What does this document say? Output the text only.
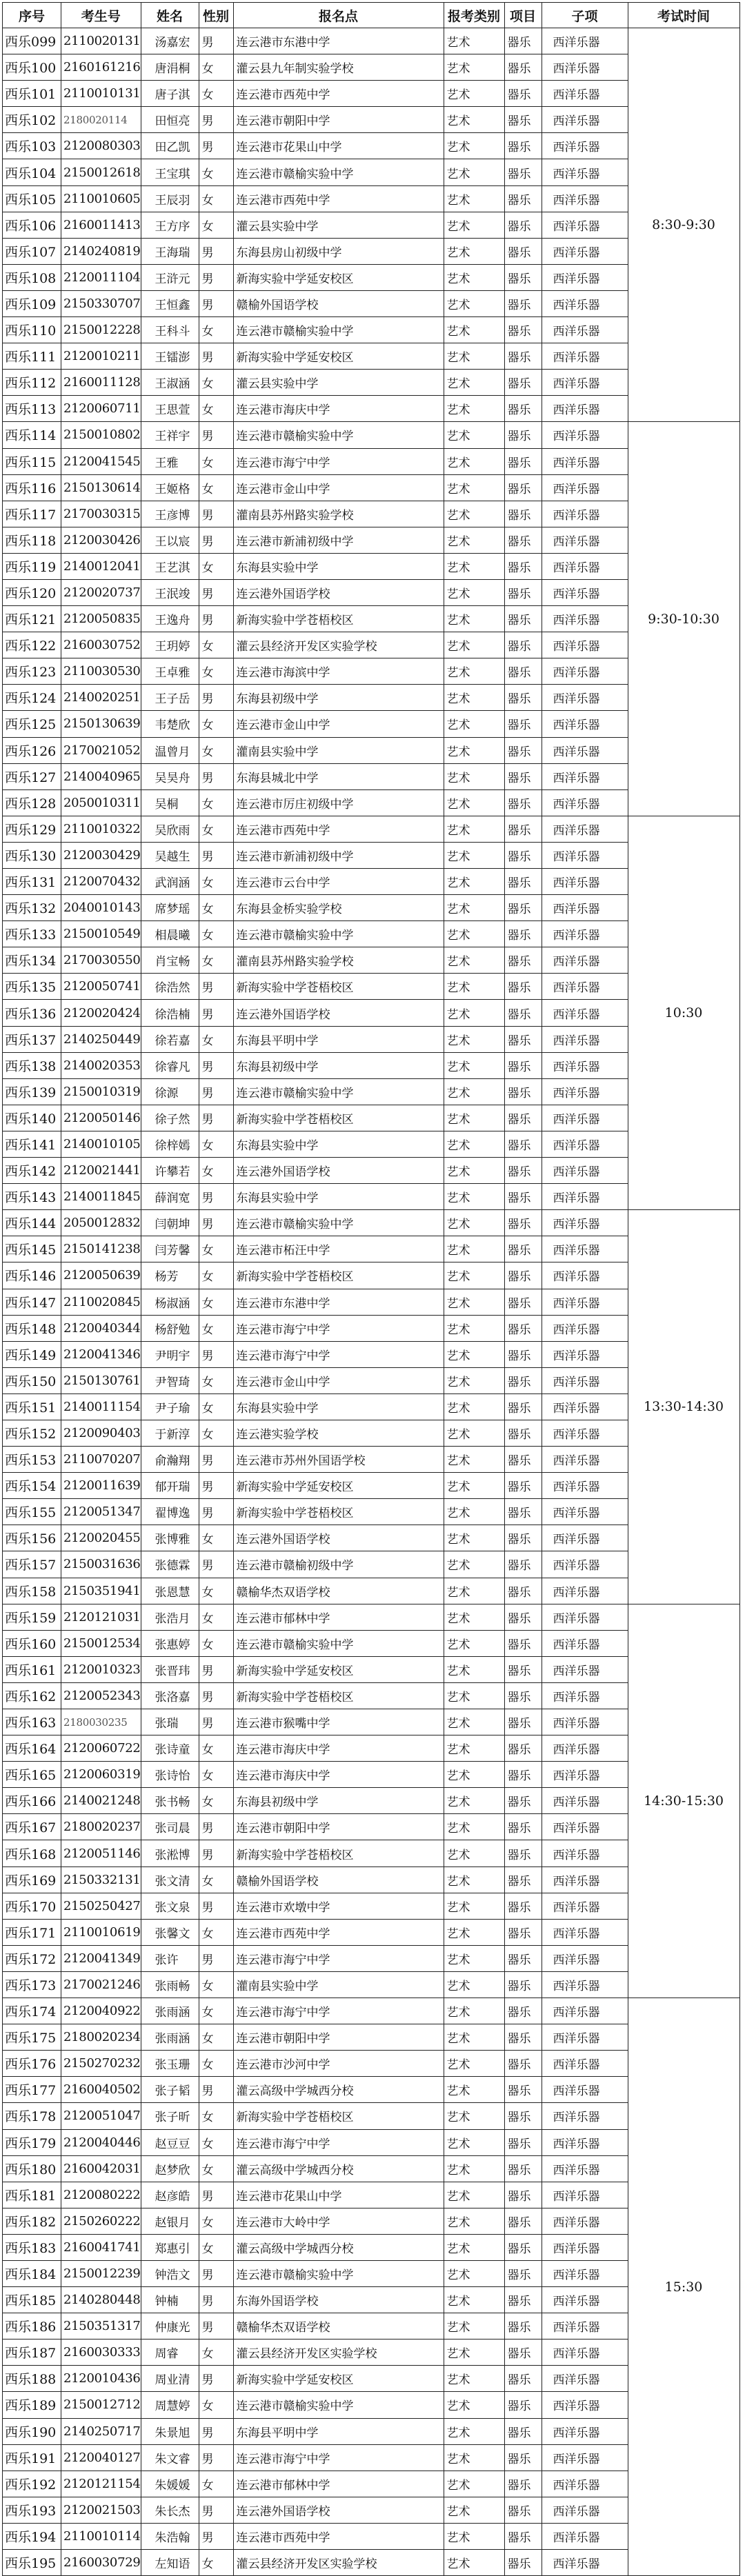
序号	考生号	姓名	性别	报名点	报考类别	项目	子项	考试时间
西乐099	2110020131	汤嘉宏	男	连云港市东港中学	艺术	器乐	西洋乐器	8:30-9:30
西乐100	2160161216	唐涓桐	女	灌云县九年制实验学校	艺术	器乐	西洋乐器	
西乐101	2110010131	唐子淇	女	连云港市西苑中学	艺术	器乐	西洋乐器	
西乐102	2180020114	田恒亮	男	连云港市朝阳中学	艺术	器乐	西洋乐器	
西乐103	2120080303	田乙凯	男	连云港市花果山中学	艺术	器乐	西洋乐器	
西乐104	2150012618	王宝琪	女	连云港市赣榆实验中学	艺术	器乐	西洋乐器	
西乐105	2110010605	王辰羽	女	连云港市西苑中学	艺术	器乐	西洋乐器	
西乐106	2160011413	王方序	女	灌云县实验中学	艺术	器乐	西洋乐器	
西乐107	2140240819	王海瑞	男	东海县房山初级中学	艺术	器乐	西洋乐器	
西乐108	2120011104	王浒元	男	新海实验中学延安校区	艺术	器乐	西洋乐器	
西乐109	2150330707	王恒鑫	男	赣榆外国语学校	艺术	器乐	西洋乐器	
西乐110	2150012228	王科斗	女	连云港市赣榆实验中学	艺术	器乐	西洋乐器	
西乐111	2120010211	王镭澎	男	新海实验中学延安校区	艺术	器乐	西洋乐器	
西乐112	2160011128	王淑涵	女	灌云县实验中学	艺术	器乐	西洋乐器	
西乐113	2120060711	王思萱	女	连云港市海庆中学	艺术	器乐	西洋乐器	
西乐114	2150010802	王祥宇	男	连云港市赣榆实验中学	艺术	器乐	西洋乐器	9:30-10:30
西乐115	2120041545	王雅	女	连云港市海宁中学	艺术	器乐	西洋乐器	
西乐116	2150130614	王姬格	女	连云港市金山中学	艺术	器乐	西洋乐器	
西乐117	2170030315	王彦博	男	灌南县苏州路实验学校	艺术	器乐	西洋乐器	
西乐118	2120030426	王以宸	男	连云港市新浦初级中学	艺术	器乐	西洋乐器	
西乐119	2140012041	王艺淇	女	东海县实验中学	艺术	器乐	西洋乐器	
西乐120	2120020737	王泯竣	男	连云港外国语学校	艺术	器乐	西洋乐器	
西乐121	2120050835	王逸舟	男	新海实验中学苍梧校区	艺术	器乐	西洋乐器	
西乐122	2160030752	王玥婷	女	灌云县经济开发区实验学校	艺术	器乐	西洋乐器	
西乐123	2110030530	王卓雅	女	连云港市海滨中学	艺术	器乐	西洋乐器	
西乐124	2140020251	王子岳	男	东海县初级中学	艺术	器乐	西洋乐器	
西乐125	2150130639	韦楚欣	女	连云港市金山中学	艺术	器乐	西洋乐器	
西乐126	2170021052	温曾月	女	灌南县实验中学	艺术	器乐	西洋乐器	
西乐127	2140040965	吴昊舟	男	东海县城北中学	艺术	器乐	西洋乐器	
西乐128	2050010311	吴桐	女	连云港市厉庄初级中学	艺术	器乐	西洋乐器	
西乐129	2110010322	吴欣雨	女	连云港市西苑中学	艺术	器乐	西洋乐器	10:30
西乐130	2120030429	吴越生	男	连云港市新浦初级中学	艺术	器乐	西洋乐器	
西乐131	2120070432	武润涵	女	连云港市云台中学	艺术	器乐	西洋乐器	
西乐132	2040010143	席梦瑶	女	东海县金桥实验学校	艺术	器乐	西洋乐器	
西乐133	2150010549	相晨曦	女	连云港市赣榆实验中学	艺术	器乐	西洋乐器	
西乐134	2170030550	肖宝畅	女	灌南县苏州路实验学校	艺术	器乐	西洋乐器	
西乐135	2120050741	徐浩然	男	新海实验中学苍梧校区	艺术	器乐	西洋乐器	
西乐136	2120020424	徐浩楠	男	连云港外国语学校	艺术	器乐	西洋乐器	
西乐137	2140250449	徐若嘉	女	东海县平明中学	艺术	器乐	西洋乐器	
西乐138	2140020353	徐睿凡	男	东海县初级中学	艺术	器乐	西洋乐器	
西乐139	2150010319	徐源	男	连云港市赣榆实验中学	艺术	器乐	西洋乐器	
西乐140	2120050146	徐子然	男	新海实验中学苍梧校区	艺术	器乐	西洋乐器	
西乐141	2140010105	徐梓嫣	女	东海县实验中学	艺术	器乐	西洋乐器	
西乐142	2120021441	许攀若	女	连云港外国语学校	艺术	器乐	西洋乐器	
西乐143	2140011845	薛润宽	男	东海县实验中学	艺术	器乐	西洋乐器	
西乐144	2050012832	闫朝坤	男	连云港市赣榆实验中学	艺术	器乐	西洋乐器	13:30-14:30
西乐145	2150141238	闫芳馨	女	连云港市柘汪中学	艺术	器乐	西洋乐器	
西乐146	2120050639	杨芳	女	新海实验中学苍梧校区	艺术	器乐	西洋乐器	
西乐147	2110020845	杨淑涵	女	连云港市东港中学	艺术	器乐	西洋乐器	
西乐148	2120040344	杨舒勉	女	连云港市海宁中学	艺术	器乐	西洋乐器	
西乐149	2120041346	尹明宇	男	连云港市海宁中学	艺术	器乐	西洋乐器	
西乐150	2150130761	尹智琦	女	连云港市金山中学	艺术	器乐	西洋乐器	
西乐151	2140011154	尹子瑜	女	东海县实验中学	艺术	器乐	西洋乐器	
西乐152	2120090403	于新淳	女	连云港实验学校	艺术	器乐	西洋乐器	
西乐153	2110070207	俞瀚翔	男	连云港市苏州外国语学校	艺术	器乐	西洋乐器	
西乐154	2120011639	郁开瑞	男	新海实验中学延安校区	艺术	器乐	西洋乐器	
西乐155	2120051347	翟博逸	男	新海实验中学苍梧校区	艺术	器乐	西洋乐器	
西乐156	2120020455	张博雅	女	连云港外国语学校	艺术	器乐	西洋乐器	
西乐157	2150031636	张德霖	男	连云港市赣榆初级中学	艺术	器乐	西洋乐器	
西乐158	2150351941	张恩慧	女	赣榆华杰双语学校	艺术	器乐	西洋乐器	
西乐159	2120121031	张浩月	女	连云港市郁林中学	艺术	器乐	西洋乐器	14:30-15:30
西乐160	2150012534	张惠婷	女	连云港市赣榆实验中学	艺术	器乐	西洋乐器	
西乐161	2120010323	张晋玮	男	新海实验中学延安校区	艺术	器乐	西洋乐器	
西乐162	2120052343	张洛嘉	男	新海实验中学苍梧校区	艺术	器乐	西洋乐器	
西乐163	2180030235	张瑞	男	连云港市猴嘴中学	艺术	器乐	西洋乐器	
西乐164	2120060722	张诗童	女	连云港市海庆中学	艺术	器乐	西洋乐器	
西乐165	2120060319	张诗怡	女	连云港市海庆中学	艺术	器乐	西洋乐器	
西乐166	2140021248	张书畅	女	东海县初级中学	艺术	器乐	西洋乐器	
西乐167	2180020237	张司晨	男	连云港市朝阳中学	艺术	器乐	西洋乐器	
西乐168	2120051146	张淞博	男	新海实验中学苍梧校区	艺术	器乐	西洋乐器	
西乐169	2150332131	张文清	女	赣榆外国语学校	艺术	器乐	西洋乐器	
西乐170	2150250427	张文泉	男	连云港市欢墩中学	艺术	器乐	西洋乐器	
西乐171	2110010619	张馨文	女	连云港市西苑中学	艺术	器乐	西洋乐器	
西乐172	2120041349	张许	男	连云港市海宁中学	艺术	器乐	西洋乐器	
西乐173	2170021246	张雨畅	女	灌南县实验中学	艺术	器乐	西洋乐器	
西乐174	2120040922	张雨涵	女	连云港市海宁中学	艺术	器乐	西洋乐器	15:30
西乐175	2180020234	张雨涵	女	连云港市朝阳中学	艺术	器乐	西洋乐器	
西乐176	2150270232	张玉珊	女	连云港市沙河中学	艺术	器乐	西洋乐器	
西乐177	2160040502	张子韬	男	灌云高级中学城西分校	艺术	器乐	西洋乐器	
西乐178	2120051047	张子昕	女	新海实验中学苍梧校区	艺术	器乐	西洋乐器	
西乐179	2120040446	赵豆豆	女	连云港市海宁中学	艺术	器乐	西洋乐器	
西乐180	2160042031	赵梦欣	女	灌云高级中学城西分校	艺术	器乐	西洋乐器	
西乐181	2120080222	赵彦皓	男	连云港市花果山中学	艺术	器乐	西洋乐器	
西乐182	2150260222	赵银月	女	连云港市大岭中学	艺术	器乐	西洋乐器	
西乐183	2160041741	郑惠引	女	灌云高级中学城西分校	艺术	器乐	西洋乐器	
西乐184	2150012239	钟浩文	男	连云港市赣榆实验中学	艺术	器乐	西洋乐器	
西乐185	2140280448	钟楠	男	东海外国语学校	艺术	器乐	西洋乐器	
西乐186	2150351317	仲康光	男	赣榆华杰双语学校	艺术	器乐	西洋乐器	
西乐187	2160030333	周睿	女	灌云县经济开发区实验学校	艺术	器乐	西洋乐器	
西乐188	2120010436	周业清	男	新海实验中学延安校区	艺术	器乐	西洋乐器	
西乐189	2150012712	周慧婷	女	连云港市赣榆实验中学	艺术	器乐	西洋乐器	
西乐190	2140250717	朱景旭	男	东海县平明中学	艺术	器乐	西洋乐器	
西乐191	2120040127	朱文睿	男	连云港市海宁中学	艺术	器乐	西洋乐器	
西乐192	2120121154	朱媛媛	女	连云港市郁林中学	艺术	器乐	西洋乐器	
西乐193	2120021503	朱长杰	男	连云港外国语学校	艺术	器乐	西洋乐器	
西乐194	2110010114	朱浩翰	男	连云港市西苑中学	艺术	器乐	西洋乐器	
西乐195	2160030729	左知语	女	灌云县经济开发区实验学校	艺术	器乐	西洋乐器	
